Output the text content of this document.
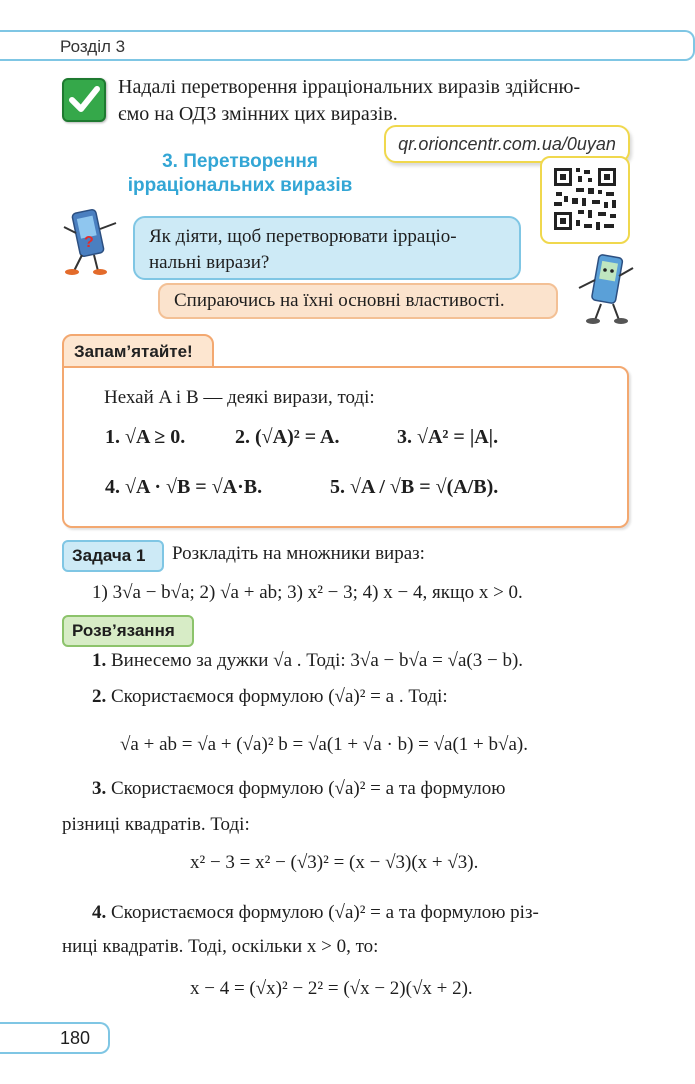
Розділ 3
Надалі перетворення ірраціональних виразів здійсню-
ємо на ОДЗ змінних цих виразів.
qr.orioncentr.com.ua/0uyan
3. Перетворення
ірраціональних виразів
?	Як діяти, щоб перетворювати ірраціо-
нальні вирази?
Спираючись на їхні основні властивості.
Запам’ятайте!
Нехай A і B — деякі вирази, тоді:
1. √A ≥ 0. 2. (√A)² = A.	3. √A² = |A|.
4. √A · √B = √A·B.	5. √A / √B = √(A/B).
Задача 1	Розкладіть на множники вираз:
1) 3√a − b√a; 2) √a + ab; 3) x² − 3; 4) x − 4, якщо x > 0.
Розв’язання
1. Винесемо за дужки √a . Тоді: 3√a − b√a = √a(3 − b).
2. Скористаємося формулою (√a)² = a . Тоді:
√a + ab = √a + (√a)² b = √a(1 + √a · b) = √a(1 + b√a).
3. Скористаємося формулою (√a)² = a та формулою
різниці квадратів. Тоді:
x² − 3 = x² − (√3)² = (x − √3)(x + √3).
4. Скористаємося формулою (√a)² = a та формулою різ-
ниці квадратів. Тоді, оскільки x > 0, то:
x − 4 = (√x)² − 2² = (√x − 2)(√x + 2).
180
